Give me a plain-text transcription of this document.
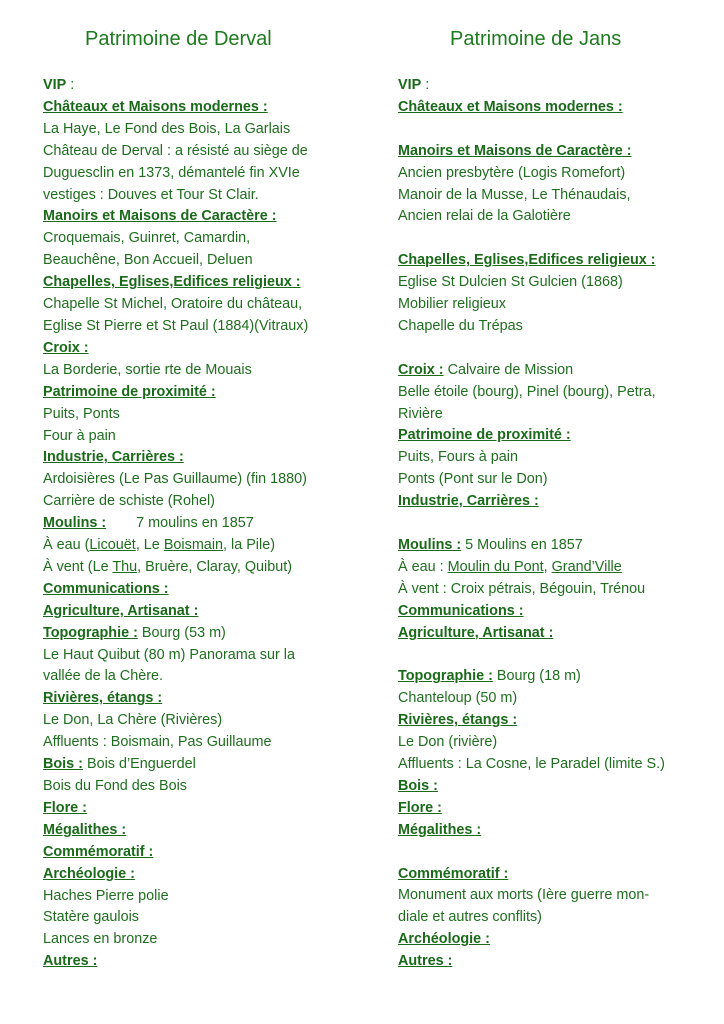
Patrimoine de Derval
VIP :
Châteaux et Maisons modernes :
La Haye, Le Fond des Bois, La Garlais
Château de Derval : a résisté au siège de
Duguesclin en 1373, démantelé fin XVIe
vestiges : Douves et Tour St Clair.
Manoirs et Maisons de Caractère :
Croquemais, Guinret, Camardin,
Beauchêne, Bon Accueil, Deluen
Chapelles, Eglises,Edifices religieux :
Chapelle St Michel, Oratoire du château,
Eglise St Pierre et St Paul (1884)(Vitraux)
Croix :
La Borderie, sortie rte de Mouais
Patrimoine de proximité :
Puits, Ponts
Four à pain
Industrie, Carrières :
Ardoisières (Le Pas Guillaume) (fin 1880)
Carrière de schiste (Rohel)
Moulins : 7 moulins en 1857
À eau (Licouët, Le Boismain, la Pile)
À vent (Le Thu, Bruère, Claray, Quibut)
Communications :
Agriculture, Artisanat :
Topographie : Bourg (53 m)
Le Haut Quibut (80 m) Panorama sur la
vallée de la Chère.
Rivières, étangs :
Le Don, La Chère (Rivières)
Affluents : Boismain, Pas Guillaume
Bois : Bois d’Enguerdel
Bois du Fond des Bois
Flore :
Mégalithes :
Commémoratif :
Archéologie :
Haches Pierre polie
Statère gaulois
Lances en bronze
Autres :
Patrimoine de Jans
VIP :
Châteaux et Maisons modernes :
Manoirs et Maisons de Caractère :
Ancien presbytère (Logis Romefort)
Manoir de la Musse, Le Thénaudais,
Ancien relai de la Galotière
Chapelles, Eglises,Edifices religieux :
Eglise St Dulcien St Gulcien (1868)
Mobilier religieux
Chapelle du Trépas
Croix : Calvaire de Mission
Belle étoile (bourg), Pinel (bourg), Petra,
Rivière
Patrimoine de proximité :
Puits, Fours à pain
Ponts (Pont sur le Don)
Industrie, Carrières :
Moulins : 5 Moulins en 1857
À eau : Moulin du Pont, Grand’Ville
À vent : Croix pétrais, Bégouin, Trénou
Communications :
Agriculture, Artisanat :
Topographie : Bourg (18 m)
Chanteloup (50 m)
Rivières, étangs :
Le Don (rivière)
Affluents : La Cosne, le Paradel (limite S.)
Bois :
Flore :
Mégalithes :
Commémoratif :
Monument aux morts (Ière guerre mon-
diale et autres conflits)
Archéologie :
Autres :
